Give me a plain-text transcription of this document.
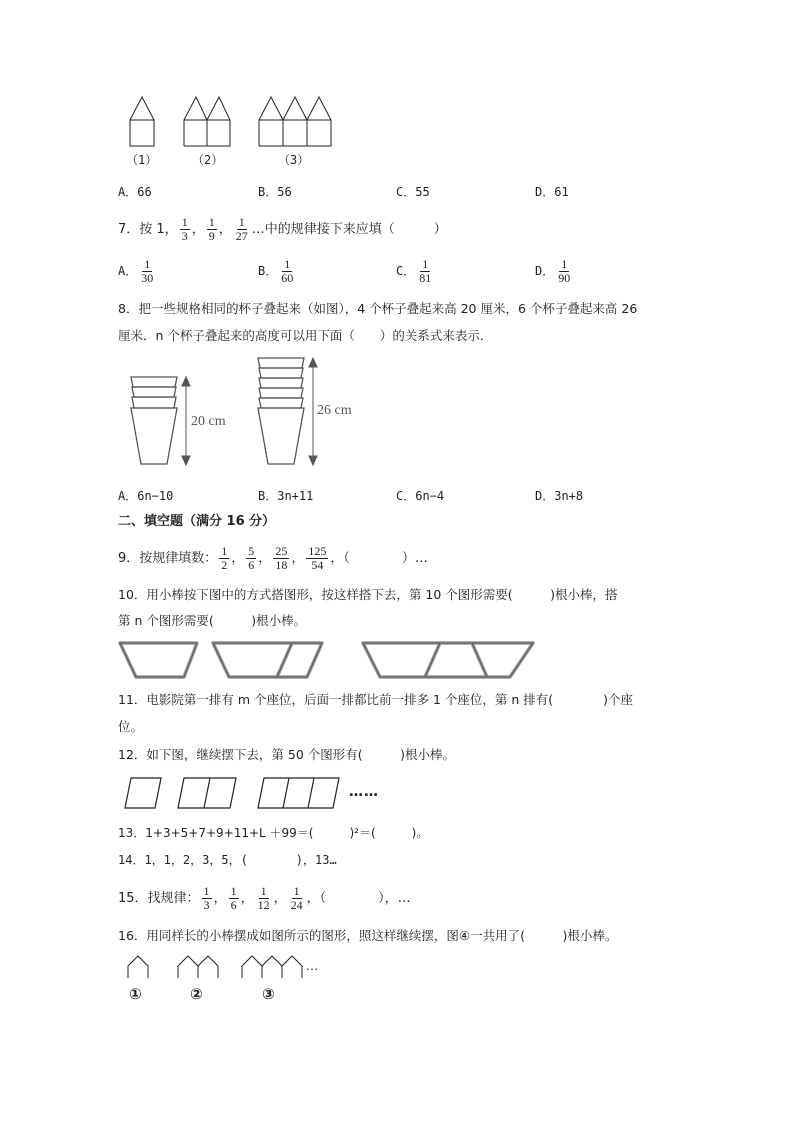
（1）	（2）	（3）
A．66	B．56	C．55	D．61
7．按 1， $\frac{1}{3}$ ， $\frac{1}{9}$ ， $\frac{1}{27}$ …中的规律接下来应填（　　　）
A． $\frac{1}{30}$	B． $\frac{1}{60}$	C． $\frac{1}{81}$	D． $\frac{1}{90}$
8．把一些规格相同的杯子叠起来（如图），4 个杯子叠起来高 20 厘米，6 个杯子叠起来高 26
厘米．n 个杯子叠起来的高度可以用下面（　　）的关系式来表示．
20 cm
26 cm
A．6n−10	B．3n+11	C．6n−4	D．3n+8
二、填空题（满分 16 分）
9．按规律填数： $\frac{1}{2}$ ， $\frac{5}{6}$ ， $\frac{25}{18}$ ， $\frac{125}{54}$ ，（　　　　）…
10．用小棒按下图中的方式搭图形，按这样搭下去，第 10 个图形需要(　　　)根小棒，搭
第 n 个图形需要(　　　)根小棒。
11．电影院第一排有 m 个座位，后面一排都比前一排多 1 个座位，第 n 排有(　　　　)个座
位。
12．如下图，继续摆下去，第 50 个图形有(　　　)根小棒。
……
13．1+3+5+7+9+11+L ＋99＝(　　　)²＝(　　　)。
14．1，1，2，3，5，(　　　　)，13…
15．找规律： $\frac{1}{3}$ ， $\frac{1}{6}$ ， $\frac{1}{12}$ ， $\frac{1}{24}$ ，（　　　　），…
16．用同样长的小棒摆成如图所示的图形，照这样继续摆，图④一共用了(　　　)根小棒。
…
①	②	③
